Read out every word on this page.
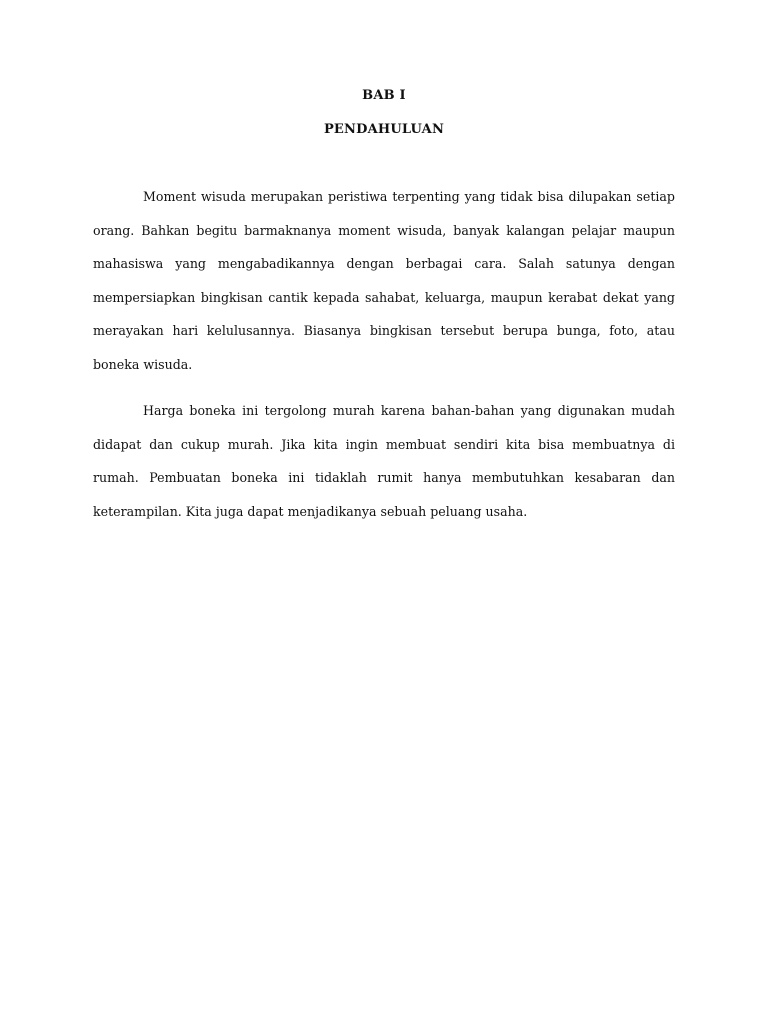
BAB I
PENDAHULUAN

Moment wisuda merupakan peristiwa terpenting yang tidak bisa dilupakan setiap orang. Bahkan begitu barmaknanya moment wisuda, banyak kalangan pelajar maupun mahasiswa yang mengabadikannya dengan berbagai cara. Salah satunya dengan mempersiapkan bingkisan cantik kepada sahabat, keluarga, maupun kerabat dekat yang merayakan hari kelulusannya. Biasanya bingkisan tersebut berupa bunga, foto, atau boneka wisuda.

Harga boneka ini tergolong murah karena bahan-bahan yang digunakan mudah didapat dan cukup murah. Jika kita ingin membuat sendiri kita bisa membuatnya di rumah. Pembuatan boneka ini tidaklah rumit hanya membutuhkan kesabaran dan keterampilan. Kita juga dapat menjadikanya sebuah peluang usaha.
